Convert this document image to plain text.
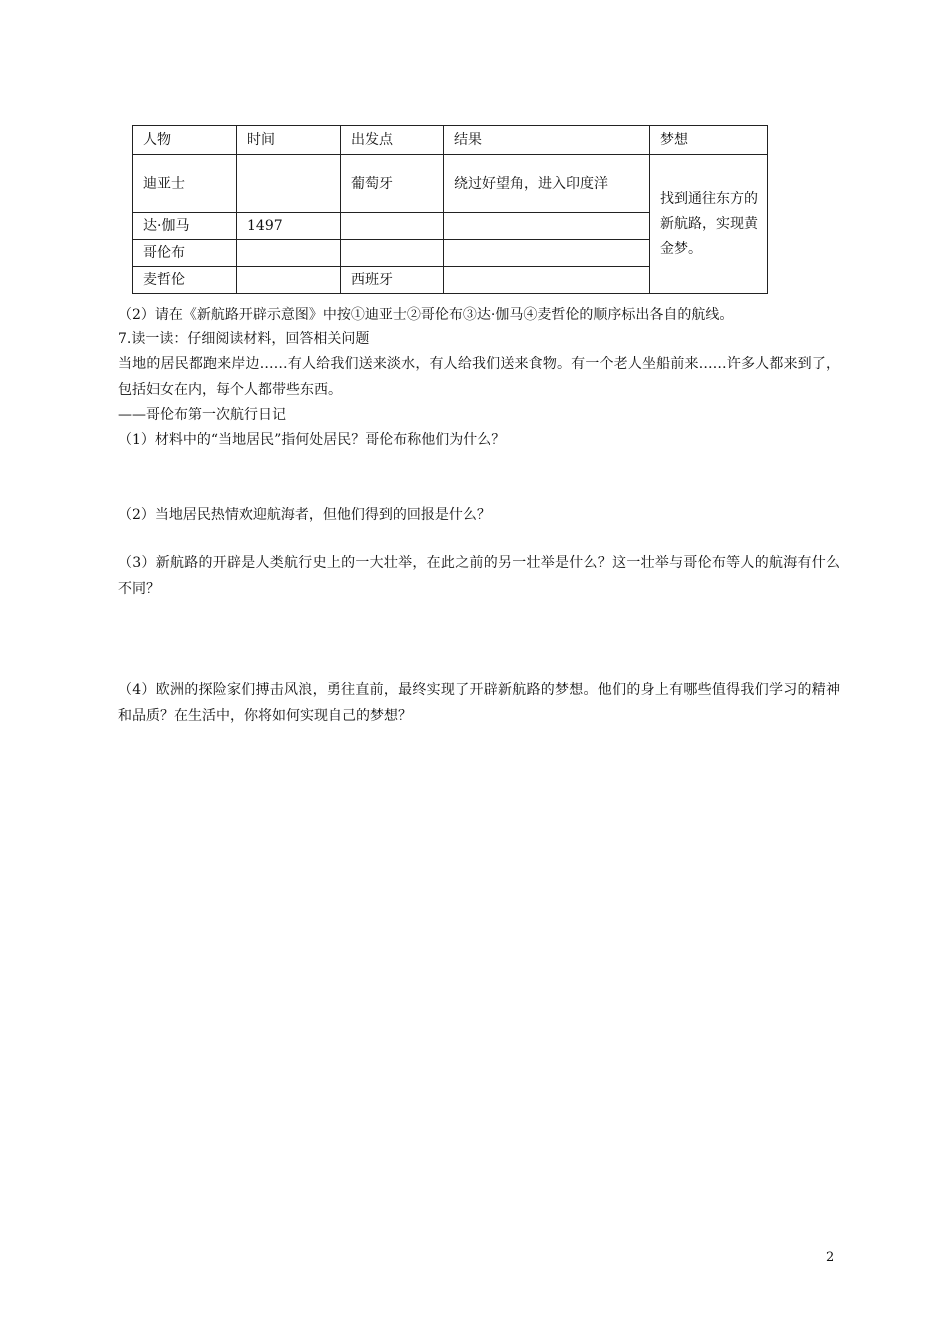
人物	时间	出发点	结果	梦想
迪亚士		葡萄牙	绕过好望角，进入印度洋	找到通往东方的新航路，实现黄金梦。
达·伽马	1497			
哥伦布				
麦哲伦		西班牙		
（2）请在《新航路开辟示意图》中按①迪亚士②哥伦布③达·伽马④麦哲伦的顺序标出各自的航线。
7.读一读：仔细阅读材料，回答相关问题
当地的居民都跑来岸边……有人给我们送来淡水，有人给我们送来食物。有一个老人坐船前来……许多人都来到了，包括妇女在内，每个人都带些东西。
——哥伦布第一次航行日记
（1）材料中的“当地居民”指何处居民？哥伦布称他们为什么？
（2）当地居民热情欢迎航海者，但他们得到的回报是什么？
（3）新航路的开辟是人类航行史上的一大壮举，在此之前的另一壮举是什么？这一壮举与哥伦布等人的航海有什么不同？
（4）欧洲的探险家们搏击风浪，勇往直前，最终实现了开辟新航路的梦想。他们的身上有哪些值得我们学习的精神和品质？在生活中，你将如何实现自己的梦想？
2
